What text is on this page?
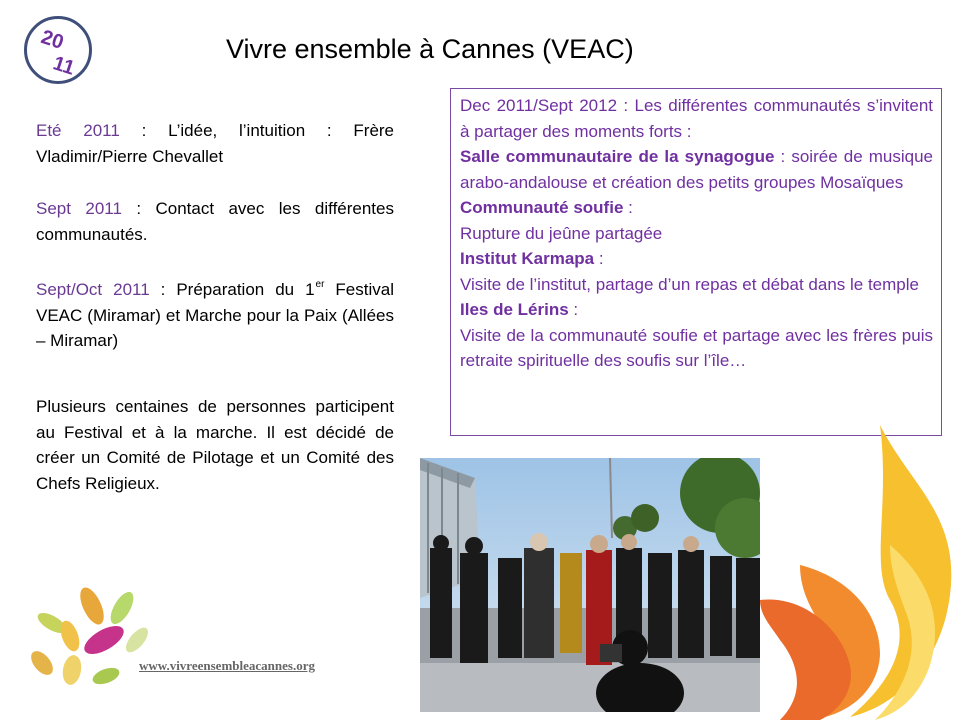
20
11
Vivre ensemble à Cannes (VEAC)
Eté 2011 : L’idée, l’intuition : Frère Vladimir/Pierre Chevallet
Sept 2011 : Contact avec les différentes communautés.
Sept/Oct 2011 : Préparation du 1er Festival VEAC (Miramar) et Marche pour la Paix (Allées – Miramar)
Plusieurs centaines de personnes participent au Festival et à la marche. Il est décidé de créer un Comité de Pilotage et un Comité des Chefs Religieux.

Dec 2011/Sept 2012 : Les différentes communautés s’invitent à partager des moments forts :

Salle communautaire de la synagogue : soirée de musique arabo-andalouse et création des petits groupes Mosaïques

Communauté soufie :

Rupture du jeûne partagée

Institut Karmapa :

Visite de l’institut, partage d’un repas et débat dans le temple

Iles de Lérins :

Visite de la communauté soufie et partage avec les frères puis retraite spirituelle des soufis sur l’île…

www.vivreensembleacannes.org
